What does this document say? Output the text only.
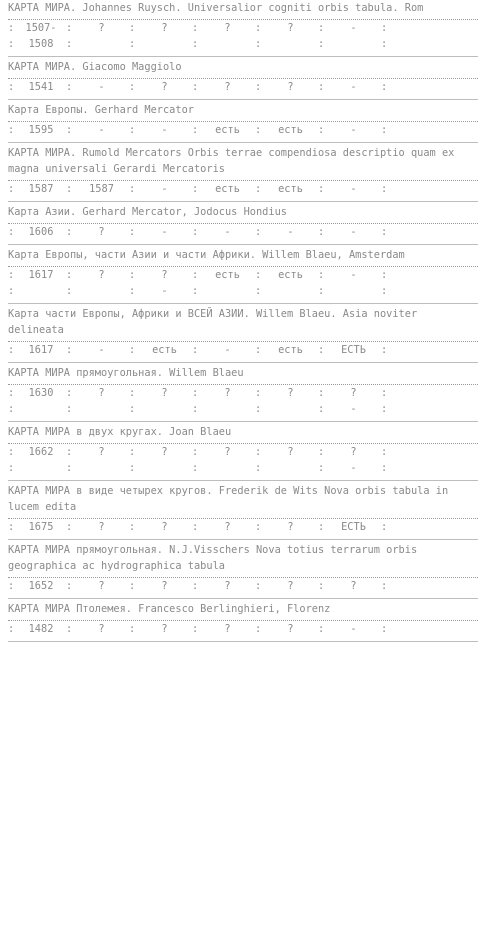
КАРТА МИРА. Johannes Ruysch. Universalior cogniti orbis tabula. Rom
:	1507- :	?	:	?	:	?	:	?	:	-	:
:	1508	:	:	:	:	:	:
КАРТА МИРА. Giacomo Maggiolo
:	1541	:	-	:	?	:	?	:	?	:	-	:
Карта Европы. Gerhard Mercator
:	1595	:	-	:	-	:	есть	:	есть	:	-	:
КАРТА МИРА. Rumold Mercators Orbis terrae compendiosa descriptio quam ex magna universali Gerardi Mercatoris
:	1587	:	1587	:	-	:	есть	:	есть	:	-	:
Карта Азии. Gerhard Mercator, Jodocus Hondius
:	1606	:	?	:	-	:	-	:	-	:	-	:
Карта Европы, части Азии и части Африки. Willem Blaeu, Amsterdam
:	1617	:	?	:	?	:	есть	:	есть	:	-	:
:	:	:	-	:	:	:	:
Карта части Европы, Африки и ВСЕЙ АЗИИ. Willem Blaeu. Asia noviter delineata
:	1617	:	-	:	есть	:	-	:	есть	:	ЕСТЬ	:
КАРТА МИРА прямоугольная. Willem Blaeu
:	1630	:	?	:	?	:	?	:	?	:	?	:
:	:	:	:	:	:	-	:
КАРТА МИРА в двух кругах. Joan Blaeu
:	1662	:	?	:	?	:	?	:	?	:	?	:
:	:	:	:	:	:	-	:
КАРТА МИРА в виде четырех кругов. Frederik de Wits Nova orbis tabula in lucem edita
:	1675	:	?	:	?	:	?	:	?	:	ЕСТЬ	:
КАРТА МИРА прямоугольная. N.J.Visschers Nova totius terrarum orbis geographica ac hydrographica tabula
:	1652	:	?	:	?	:	?	:	?	:	?	:
КАРТА МИРА Птолемея. Francesco Berlinghieri, Florenz
:	1482	:	?	:	?	:	?	:	?	:	-	:
